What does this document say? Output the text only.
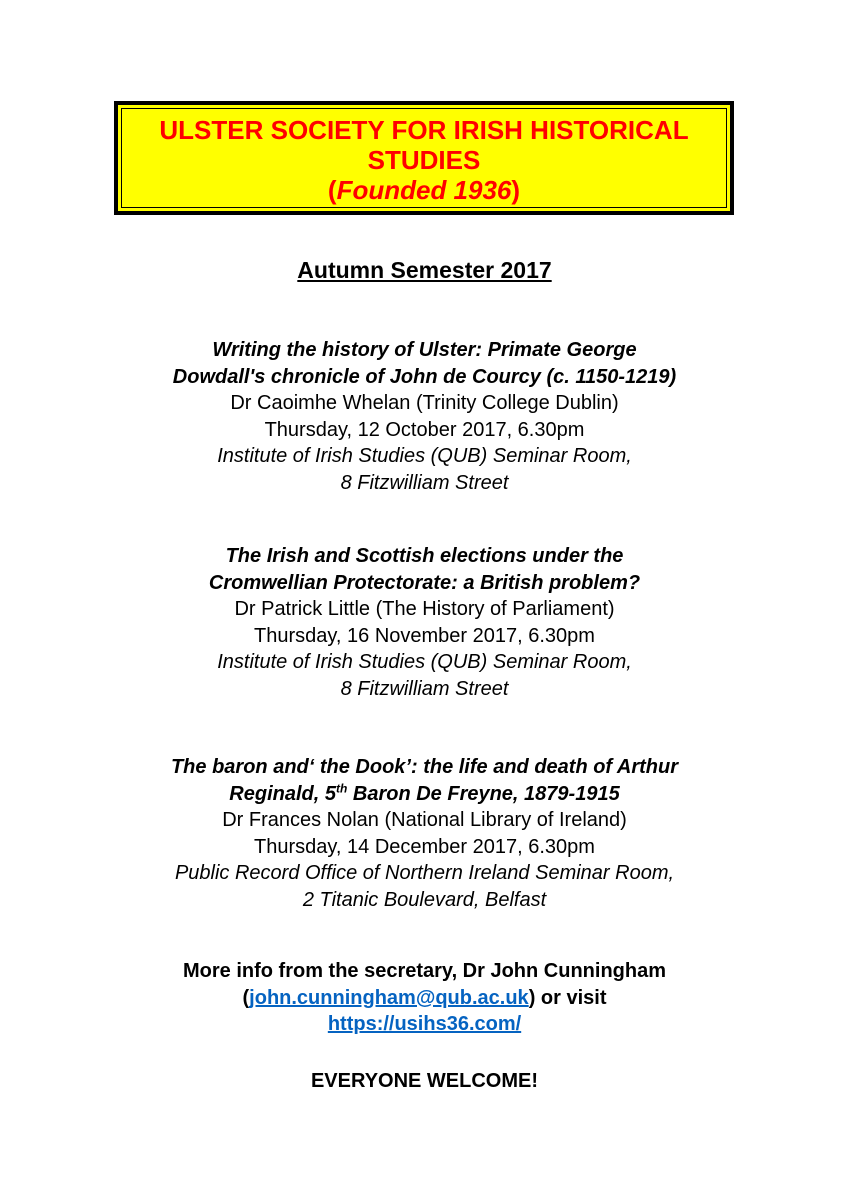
ULSTER SOCIETY FOR IRISH HISTORICAL
STUDIES
(Founded 1936)
Autumn Semester 2017
Writing the history of Ulster: Primate George
Dowdall's chronicle of John de Courcy (c. 1150-1219)
Dr Caoimhe Whelan (Trinity College Dublin)
Thursday, 12 October 2017, 6.30pm
Institute of Irish Studies (QUB) Seminar Room,
8 Fitzwilliam Street
The Irish and Scottish elections under the
Cromwellian Protectorate: a British problem?
Dr Patrick Little (The History of Parliament)
Thursday, 16 November 2017, 6.30pm
Institute of Irish Studies (QUB) Seminar Room,
8 Fitzwilliam Street
The baron and‘ the Dook’: the life and death of Arthur
Reginald, 5th Baron De Freyne, 1879-1915
Dr Frances Nolan (National Library of Ireland)
Thursday, 14 December 2017, 6.30pm
Public Record Office of Northern Ireland Seminar Room,
2 Titanic Boulevard, Belfast
More info from the secretary, Dr John Cunningham
(john.cunningham@qub.ac.uk) or visit
https://usihs36.com/
EVERYONE WELCOME!
